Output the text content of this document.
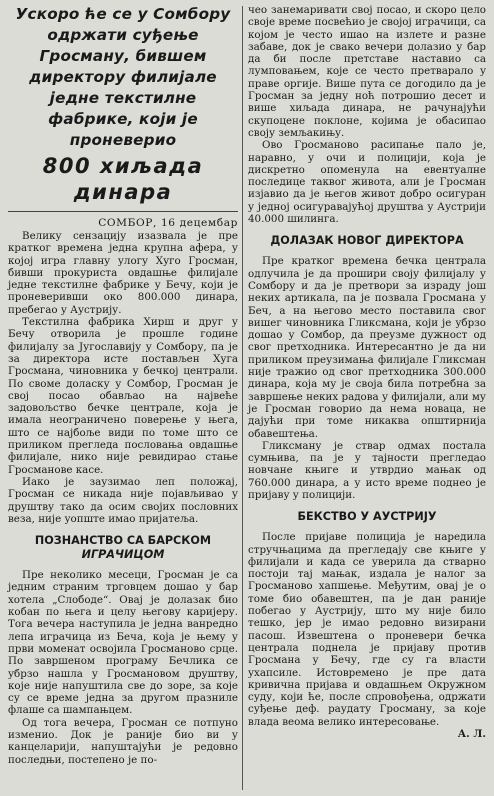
Ускоро ће се у Сомбору одржати суђење Гросману, бившем директору филијале једне текстилне фабрике, који је проневерио
800 хиљада динара

СОМБОР, 16 децембар

Велику сензацију изазвала је пре кратког времена једна крупна афера, у којој игра главну улогу Хуго Гросман, бивши прокуриста овдашње филијале једне текстилне фабрике у Бечу, који је проневеривши око 800.000 динара, пребегао у Аустрију.

Текстилна фабрика Хирш и друг у Бечу отворила је прошле године филијалу за Југославију у Сомбору, па је за директора исте постављен Хуга Гросмана, чиновника у бечкој централи. По своме доласку у Сомбор, Гросман је свој посао обављао на највеће задовољство бечке централе, која је имала неограничено поверење у њега, што се најбоље види по томе што се приликом прегледа пословања овдашње филијале, нико није ревидирао стање Гросманове касе.

Иако је заузимао леп положај, Гросман се никада није појављивао у друштву тако да осим својих пословних веза, није уопште имао пријатеља.

ПОЗНАНСТВО СА БАРСКОМ
ИГРАЧИЦОМ

Пре неколико месеци, Гросман је са једним страним трговцем дошао у бар хотела „Слободе“. Овај је долазак био кобан по њега и целу његову каријеру. Тога вечера наступила је једна ванредно лепа играчица из Беча, која је њему у први моменат освојила Гросманово срце. По завршеном програму Бечлика се убрзо нашла у Гросмановом друштву, које није напуштила све до зоре, за које су се време једна за другом празниле флаше са шампањцем.

Од тога вечера, Гросман се потпуно изменио. Док је раније био ви у канцеларији, напуштајући је редовно последњи, постепено је по-

чео занемаривати свој посао, и скоро цело своје време посвећио је својој играчици, са којом је често ишао на излете и разне забаве, док је свако вечери долазио у бар да би после претставе наставио са лумповањем, које се често претварало у праве оргије. Више пута се догодило да је Гросман за једну ноћ потрошио десет и више хиљада динара, не рачунајући скупоцене поклоне, којима је обасипао своју земљакињу.

Ово Гросманово расипање пало је, наравно, у очи и полицији, која је дискретно опоменула на евентуалне последице таквог живота, али је Гросман изјавио да је његов живот добро осигуран у једној осигуравајућој друштва у Аустрији 40.000 шилинга.

ДОЛАЗАК НОВОГ ДИРЕКТОРА

Пре кратког времена бечка централа одлучила је да прошири своју филијалу у Сомбору и да је претвори за израду још неких артикала, па је позвала Гросмана у Беч, а на његово место поставила свог вишег чиновника Гликсмана, који је убрзо дошао у Сомбор, да преузме дужност од свог претходника. Интересантно је да ни приликом преузимања филијале Гликсман није тражио од свог претходника 300.000 динара, која му је своја била потребна за завршење неких радова у филијали, али му је Гросман говорио да нема новаца, не дајући при томе никаква општирнија обавештења.

Гликсману је ствар одмах постала сумњива, па је у тајности прегледао новчане књиге и утврдио мањак од 760.000 динара, а у исто време поднео је пријаву у полицији.

БЕКСТВО У АУСТРИЈУ

После пријаве полиција је наредила стручњацима да прегледају све књиге у филијали и када се уверила да стварно постоји тај мањак, издала је налог за Гросманово хапшење. Међутим, овај је о томе био обавештен, па је дан раније побегао у Аустрију, што му није било тешко, јер је имао редовно визирани пасош. Извештена о проневери бечка централа поднела је пријаву против Гросмана у Бечу, где су га власти ухапсиле. Истовремено је пре дата кривична пријава и овдашњем Окружном суду, који ће, после спровођења, одржати суђење деф. раудату Гросману, за које влада веома велико интересовање.

А. Л.
